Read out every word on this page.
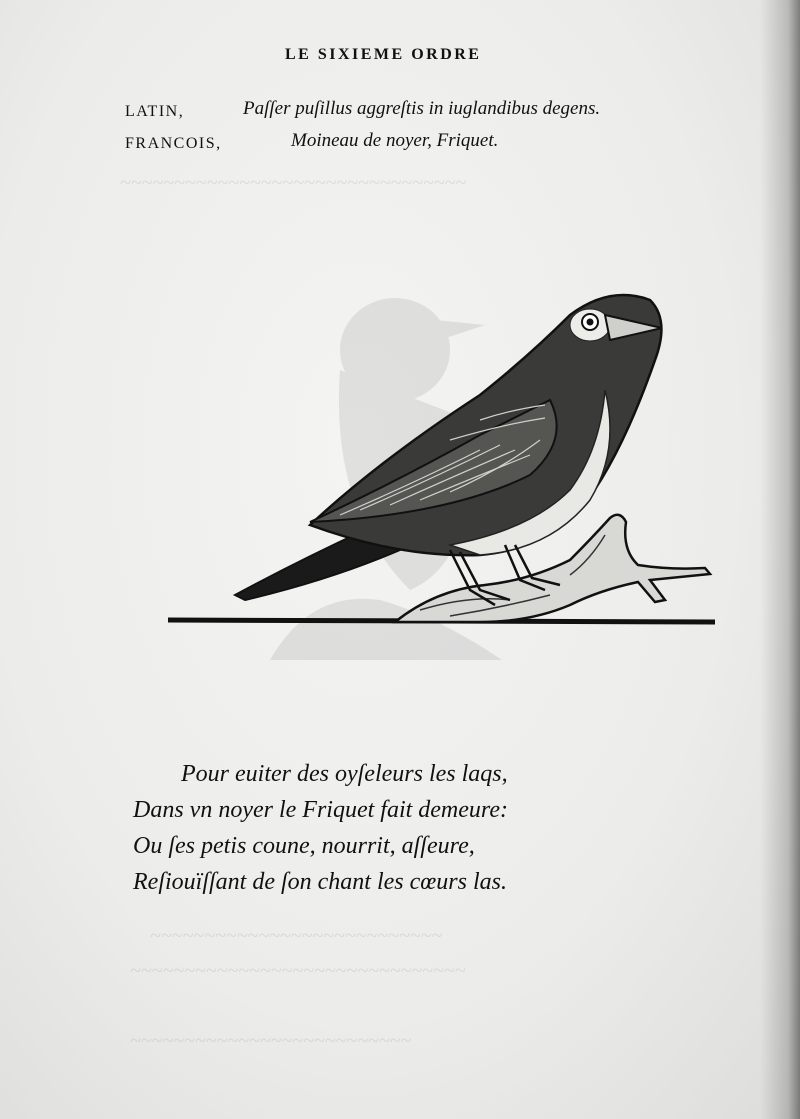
~~~~~~~~~~~~~~~~~~~~~~~~~~~~~~~~
~~~~~~~~~~~~~~~~~~~~~~~~~~~
~~~~~~~~~~~~~~~~~~~~~~~~~~~~~~~
~~~~~~~~~~~~~~~~~~~~~~~~~~
LE SIXIEME ORDRE
LATIN,	Paſſer puſillus aggreſtis in iuglandibus degens.
FRANCOIS,	Moineau de noyer, Friquet.
Pour euiter des oyſeleurs les laqs,
Dans vn noyer le Friquet fait demeure:
Ou ſes petis coune, nourrit, aſſeure,
Reſiouïſſant de ſon chant les cœurs las.
